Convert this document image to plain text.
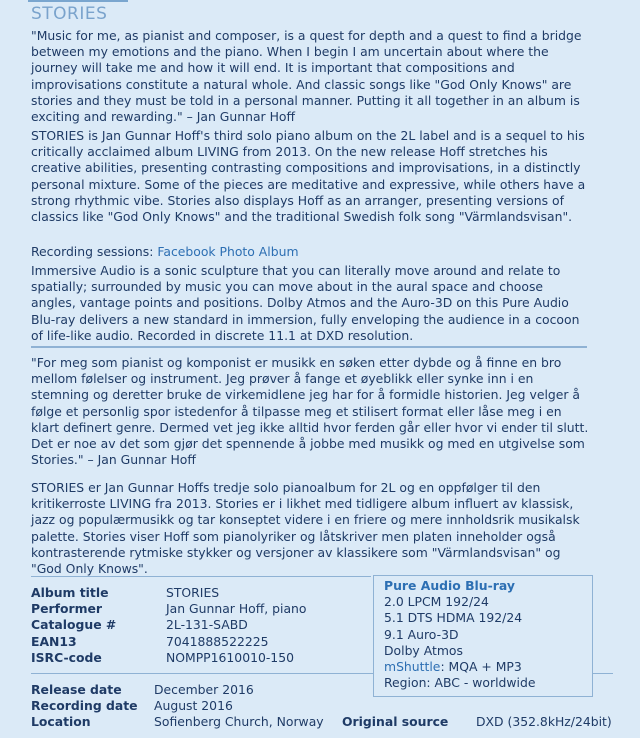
STORIES

"Music for me, as pianist and composer, is a quest for depth and a quest to find a bridge between my emotions and the piano. When I begin I am uncertain about where the journey will take me and how it will end. It is important that compositions and improvisations constitute a natural whole. And classic songs like "God Only Knows" are stories and they must be told in a personal manner. Putting it all together in an album is exciting and rewarding." – Jan Gunnar Hoff

STORIES is Jan Gunnar Hoff's third solo piano album on the 2L label and is a sequel to his critically acclaimed album LIVING from 2013. On the new release Hoff stretches his creative abilities, presenting contrasting compositions and improvisations, in a distinctly personal mixture. Some of the pieces are meditative and expressive, while others have a strong rhythmic vibe. Stories also displays Hoff as an arranger, presenting versions of classics like "God Only Knows" and the traditional Swedish folk song "Värmlandsvisan".

Recording sessions: Facebook Photo Album

Immersive Audio is a sonic sculpture that you can literally move around and relate to spatially; surrounded by music you can move about in the aural space and choose angles, vantage points and positions. Dolby Atmos and the Auro-3D on this Pure Audio Blu-ray delivers a new standard in immersion, fully enveloping the audience in a cocoon of life-like audio. Recorded in discrete 11.1 at DXD resolution.

"For meg som pianist og komponist er musikk en søken etter dybde og å finne en bro mellom følelser og instrument. Jeg prøver å fange et øyeblikk eller synke inn i en stemning og deretter bruke de virkemidlene jeg har for å formidle historien. Jeg velger å følge et personlig spor istedenfor å tilpasse meg et stilisert format eller låse meg i en klart definert genre. Dermed vet jeg ikke alltid hvor ferden går eller hvor vi ender til slutt. Det er noe av det som gjør det spennende å jobbe med musikk og med en utgivelse som Stories." – Jan Gunnar Hoff

STORIES er Jan Gunnar Hoffs tredje solo pianoalbum for 2L og en oppfølger til den kritikerroste LIVING fra 2013. Stories er i likhet med tidligere album influert av klassisk, jazz og populærmusikk og tar konseptet videre i en friere og mere innholdsrik musikalsk palette. Stories viser Hoff som pianolyriker og låtskriver men platen inneholder også kontrasterende rytmiske stykker og versjoner av klassikere som "Värmlandsvisan" og "God Only Knows".

Album title	STORIES
Performer	Jan Gunnar Hoff, piano
Catalogue #	2L-131-SABD
EAN13	7041888522225
ISRC-code	NOMPP1610010-150
Release date	December 2016
Recording date	August 2016
Location	Sofienberg Church, Norway	Original source	DXD (352.8kHz/24bit)
Pure Audio Blu-ray
2.0 LPCM 192/24
5.1 DTS HDMA 192/24
9.1 Auro-3D
Dolby Atmos
mShuttle: MQA + MP3
Region: ABC - worldwide
